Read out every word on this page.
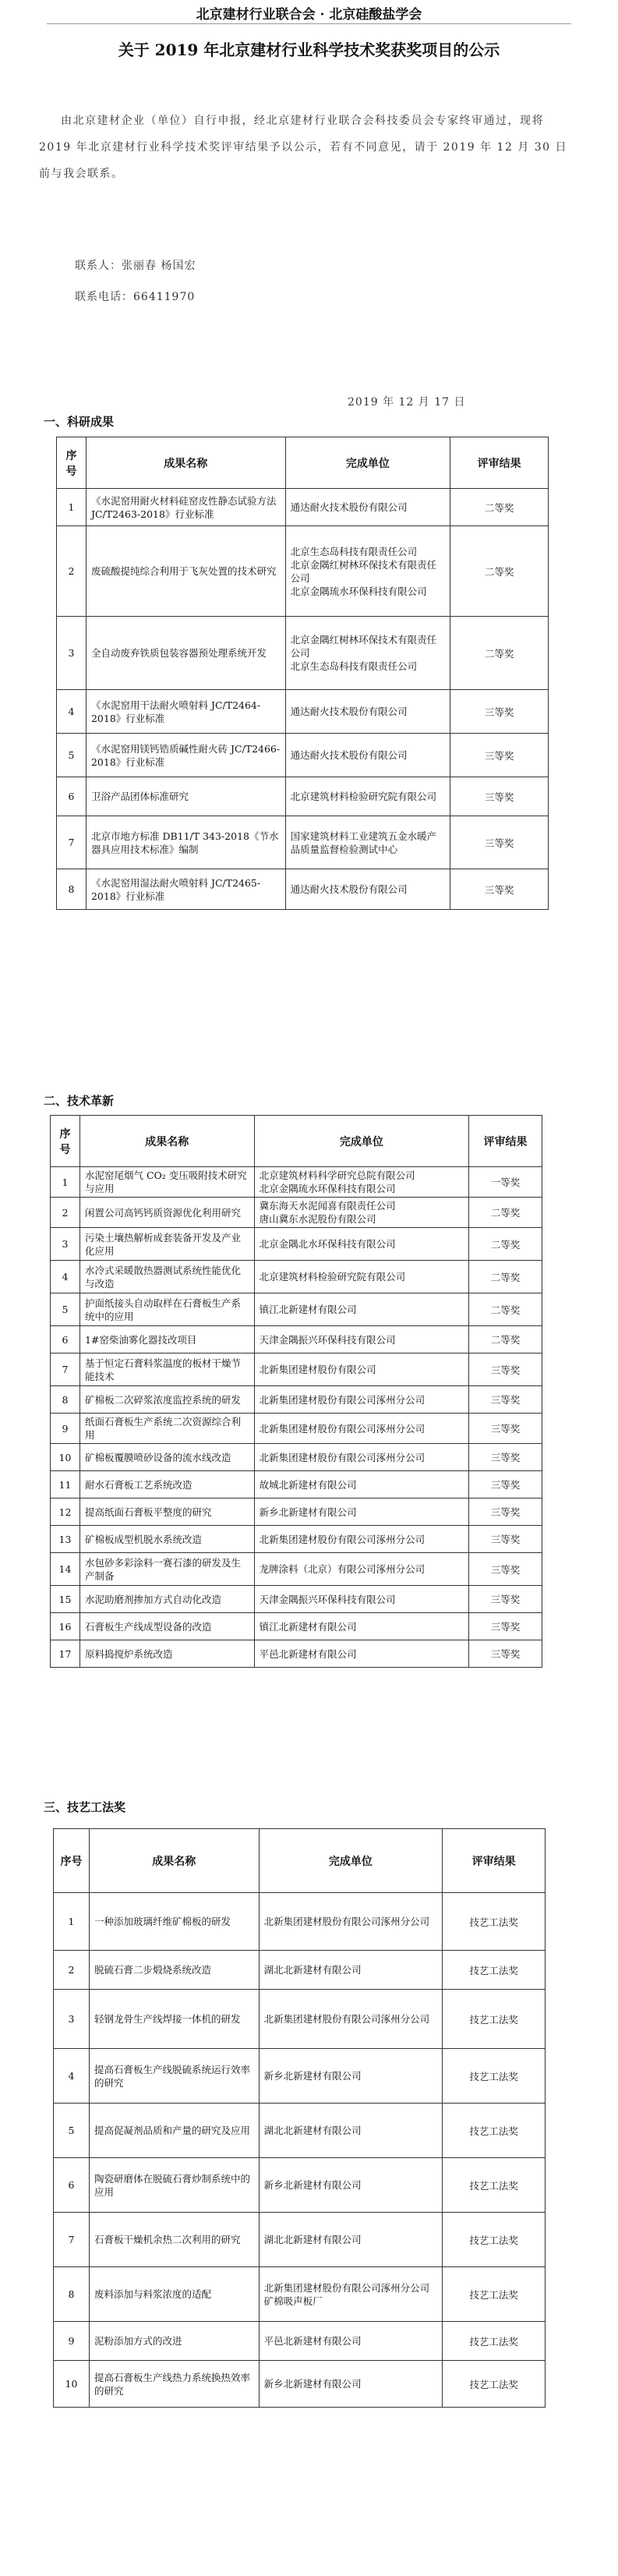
北京建材行业联合会 · 北京硅酸盐学会
关于 2019 年北京建材行业科学技术奖获奖项目的公示
由北京建材企业（单位）自行申报，经北京建材行业联合会科技委员会专家终审通过，现将 2019 年北京建材行业科学技术奖评审结果予以公示，若有不同意见，请于 2019 年 12 月 30 日前与我会联系。
联系人：张丽春 杨国宏
联系电话：66411970
2019 年 12 月 17 日
一、科研成果
序号	成果名称	完成单位	评审结果
1	《水泥窑用耐火材料硅窑皮性静态试验方法 JC/T2463-2018》行业标准	通达耐火技术股份有限公司	二等奖
2	废硫酸提纯综合利用于飞灰处置的技术研究	北京生态岛科技有限责任公司
北京金隅红树林环保技术有限责任公司
北京金隅琉水环保科技有限公司	二等奖
3	全自动废弃铁质包装容器预处理系统开发	北京金隅红树林环保技术有限责任公司
北京生态岛科技有限责任公司	二等奖
4	《水泥窑用干法耐火喷射料 JC/T2464-2018》行业标准	通达耐火技术股份有限公司	三等奖
5	《水泥窑用镁钙锆质碱性耐火砖 JC/T2466-2018》行业标准	通达耐火技术股份有限公司	三等奖
6	卫浴产品团体标准研究	北京建筑材料检验研究院有限公司	三等奖
7	北京市地方标准 DB11/T 343-2018《节水器具应用技术标准》编制	国家建筑材料工业建筑五金水暖产品质量监督检验测试中心	三等奖
8	《水泥窑用湿法耐火喷射料 JC/T2465-2018》行业标准	通达耐火技术股份有限公司	三等奖
二、技术革新
序号	成果名称	完成单位	评审结果
1	水泥窑尾烟气 CO₂ 变压吸附技术研究与应用	北京建筑材料科学研究总院有限公司
北京金隅琉水环保科技有限公司	一等奖
2	闲置公司高钙钙质资源优化利用研究	冀东海天水泥闻喜有限责任公司
唐山冀东水泥股份有限公司	二等奖
3	污染土壤热解析成套装备开发及产业化应用	北京金隅北水环保科技有限公司	二等奖
4	水冷式采暖散热器测试系统性能优化与改造	北京建筑材料检验研究院有限公司	二等奖
5	护面纸接头自动取样在石膏板生产系统中的应用	镇江北新建材有限公司	二等奖
6	1#窑柴油雾化器技改项目	天津金隅振兴环保科技有限公司	二等奖
7	基于恒定石膏料浆温度的板材干燥节能技术	北新集团建材股份有限公司	三等奖
8	矿棉板二次碎浆浓度监控系统的研发	北新集团建材股份有限公司涿州分公司	三等奖
9	纸面石膏板生产系统二次资源综合利用	北新集团建材股份有限公司涿州分公司	三等奖
10	矿棉板覆膜喷砂设备的流水线改造	北新集团建材股份有限公司涿州分公司	三等奖
11	耐水石膏板工艺系统改造	故城北新建材有限公司	三等奖
12	提高纸面石膏板平整度的研究	新乡北新建材有限公司	三等奖
13	矿棉板成型机脱水系统改造	北新集团建材股份有限公司涿州分公司	三等奖
14	水包砂多彩涂料一赛石漆的研发及生产制备	龙牌涂料（北京）有限公司涿州分公司	三等奖
15	水泥助磨剂掺加方式自动化改造	天津金隅振兴环保科技有限公司	三等奖
16	石膏板生产线成型设备的改造	镇江北新建材有限公司	三等奖
17	原料捣搅炉系统改造	平邑北新建材有限公司	三等奖
三、技艺工法奖
序号	成果名称	完成单位	评审结果
1	一种添加玻璃纤维矿棉板的研发	北新集团建材股份有限公司涿州分公司	技艺工法奖
2	脱硫石膏二步煅烧系统改造	湖北北新建材有限公司	技艺工法奖
3	轻钢龙骨生产线焊接一体机的研发	北新集团建材股份有限公司涿州分公司	技艺工法奖
4	提高石膏板生产线脱硫系统运行效率的研究	新乡北新建材有限公司	技艺工法奖
5	提高促凝剂品质和产量的研究及应用	湖北北新建材有限公司	技艺工法奖
6	陶瓷研磨体在脱硫石膏炒制系统中的应用	新乡北新建材有限公司	技艺工法奖
7	石膏板干燥机余热二次利用的研究	湖北北新建材有限公司	技艺工法奖
8	废料添加与料浆浓度的适配	北新集团建材股份有限公司涿州分公司矿棉吸声板厂	技艺工法奖
9	泥粉添加方式的改进	平邑北新建材有限公司	技艺工法奖
10	提高石膏板生产线热力系统换热效率的研究	新乡北新建材有限公司	技艺工法奖
